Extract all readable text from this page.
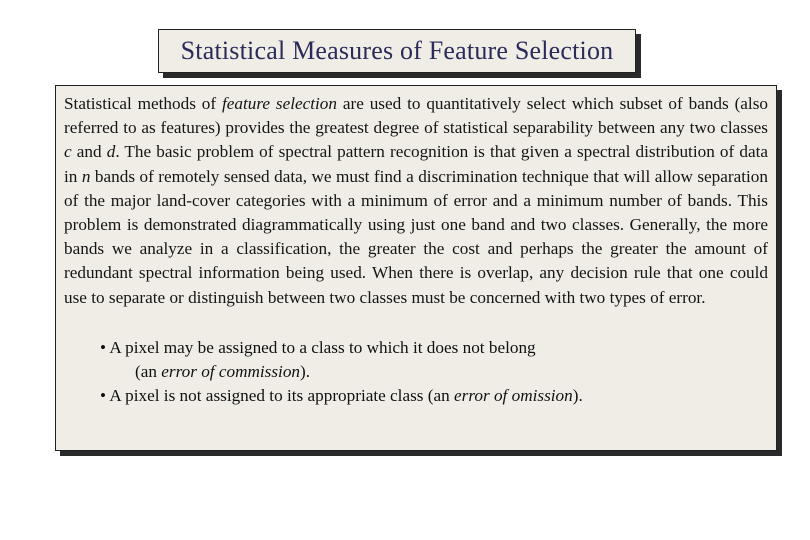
Statistical Measures of Feature Selection

Statistical methods of feature selection are used to quantitatively select which subset of bands (also referred to as features) provides the greatest degree of statistical separability between any two classes c and d. The basic problem of spectral pattern recognition is that given a spectral distribution of data in n bands of remotely sensed data, we must find a discrimination technique that will allow separation of the major land-cover categories with a minimum of error and a minimum number of bands. This problem is demonstrated diagrammatically using just one band and two classes. Generally, the more bands we analyze in a classification, the greater the cost and perhaps the greater the amount of redundant spectral information being used. When there is overlap, any decision rule that one could use to separate or distinguish between two classes must be concerned with two types of error.

• A pixel may be assigned to a class to which it does not belong
(an error of commission).

• A pixel is not assigned to its appropriate class (an error of omission).
